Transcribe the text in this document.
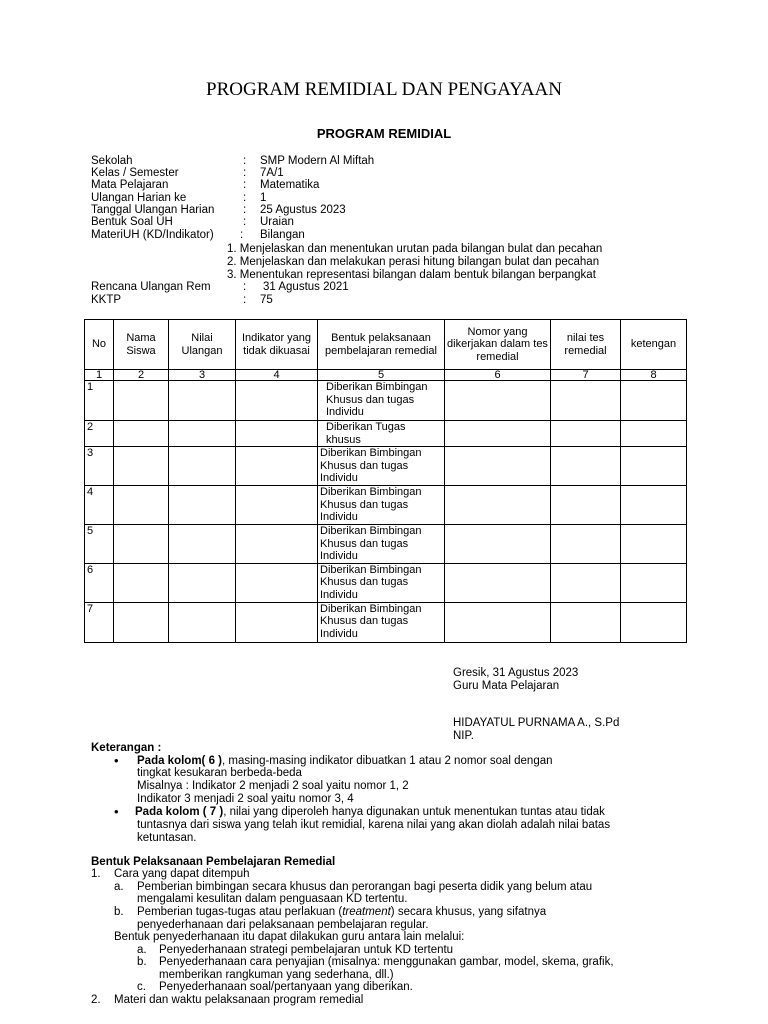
PROGRAM REMIDIAL DAN PENGAYAAN
PROGRAM REMIDIAL
Sekolah	: SMP Modern Al Miftah
Kelas / Semester	: 7A/1
Mata Pelajaran	: Matematika
Ulangan Harian ke	: 1
Tanggal Ulangan Harian : 25 Agustus 2023
Bentuk Soal UH	: Uraian
MateriUH (KD/Indikator) : Bilangan
1. Menjelaskan dan menentukan urutan pada bilangan bulat dan pecahan
2. Menjelaskan dan melakukan perasi hitung bilangan bulat dan pecahan
3. Menentukan representasi bilangan dalam bentuk bilangan berpangkat
Rencana Ulangan Rem	: 31 Agustus 2021
KKTP	: 75
No	Nama Siswa	Nilai Ulangan	Indikator yang tidak dikuasai	Bentuk pelaksanaan pembelajaran remedial	Nomor yang dikerjakan dalam tes remedial	nilai tes remedial	ketengan
1	2	3	4	5	6	7	8
1				Diberikan Bimbingan Khusus dan tugas Individu			
2				Diberikan Tugas khusus			
3				Diberikan Bimbingan Khusus dan tugas Individu			
4				Diberikan Bimbingan Khusus dan tugas Individu			
5				Diberikan Bimbingan Khusus dan tugas Individu			
6				Diberikan Bimbingan Khusus dan tugas Individu			
7				Diberikan Bimbingan Khusus dan tugas Individu			
Gresik, 31 Agustus 2023
Guru Mata Pelajaran
HIDAYATUL PURNAMA A., S.Pd
NIP.
Keterangan :
• Pada kolom( 6 ), masing-masing indikator dibuatkan 1 atau 2 nomor soal dengan
tingkat kesukaran berbeda-beda
Misalnya : Indikator 2 menjadi 2 soal yaitu nomor 1, 2
Indikator 3 menjadi 2 soal yaitu nomor 3, 4
• Pada kolom ( 7 ), nilai yang diperoleh hanya digunakan untuk menentukan tuntas atau tidak
tuntasnya dari siswa yang telah ikut remidial, karena nilai yang akan diolah adalah nilai batas
ketuntasan.
Bentuk Pelaksanaan Pembelajaran Remedial
1. Cara yang dapat ditempuh
a. Pemberian bimbingan secara khusus dan perorangan bagi peserta didik yang belum atau
mengalami kesulitan dalam penguasaan KD tertentu.
b. Pemberian tugas-tugas atau perlakuan (treatment) secara khusus, yang sifatnya
penyederhanaan dari pelaksanaan pembelajaran regular.
Bentuk penyederhanaan itu dapat dilakukan guru antara lain melalui:
a. Penyederhanaan strategi pembelajaran untuk KD tertentu
b. Penyederhanaan cara penyajian (misalnya: menggunakan gambar, model, skema, grafik,
memberikan rangkuman yang sederhana, dll.)
c. Penyederhanaan soal/pertanyaan yang diberikan.
2. Materi dan waktu pelaksanaan program remedial
